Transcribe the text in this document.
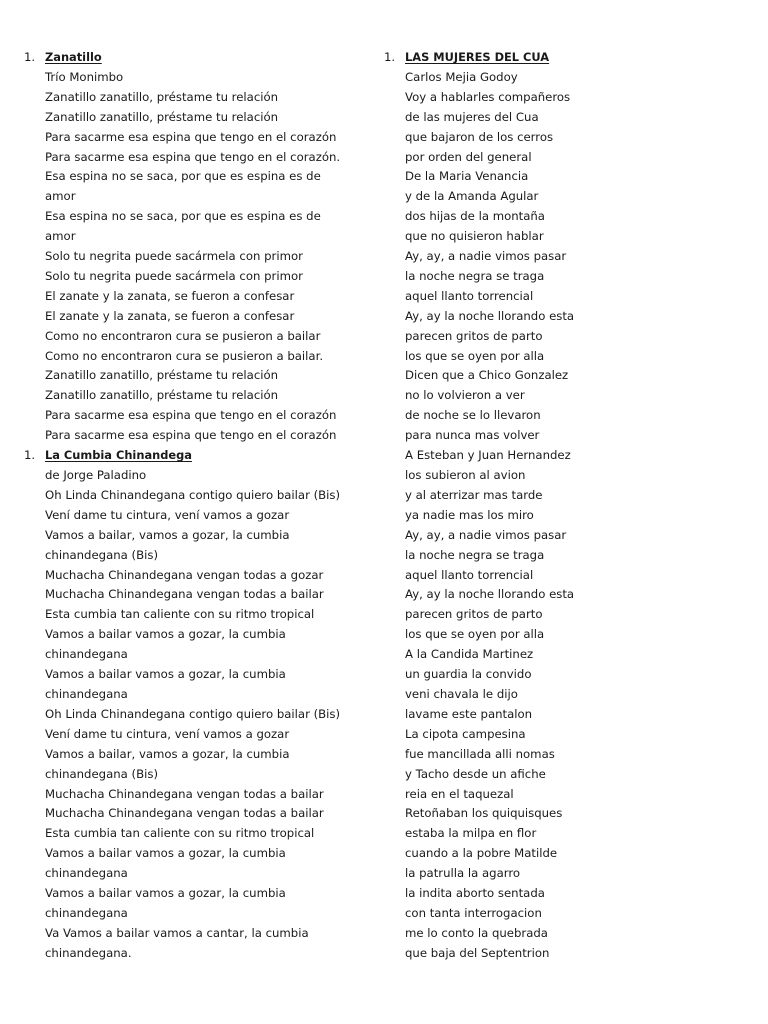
1. Zanatillo
Trío Monimbo
Zanatillo zanatillo, préstame tu relación
Zanatillo zanatillo, préstame tu relación
Para sacarme esa espina que tengo en el corazón
Para sacarme esa espina que tengo en el corazón.
Esa espina no se saca, por que es espina es de
amor
Esa espina no se saca, por que es espina es de
amor
Solo tu negrita puede sacármela con primor
Solo tu negrita puede sacármela con primor
El zanate y la zanata, se fueron a confesar
El zanate y la zanata, se fueron a confesar
Como no encontraron cura se pusieron a bailar
Como no encontraron cura se pusieron a bailar.
Zanatillo zanatillo, préstame tu relación
Zanatillo zanatillo, préstame tu relación
Para sacarme esa espina que tengo en el corazón
Para sacarme esa espina que tengo en el corazón
1. La Cumbia Chinandega
de Jorge Paladino
Oh Linda Chinandegana contigo quiero bailar (Bis)
Vení dame tu cintura, vení vamos a gozar
Vamos a bailar, vamos a gozar, la cumbia
chinandegana (Bis)
Muchacha Chinandegana vengan todas a gozar
Muchacha Chinandegana vengan todas a bailar
Esta cumbia tan caliente con su ritmo tropical
Vamos a bailar vamos a gozar, la cumbia
chinandegana
Vamos a bailar vamos a gozar, la cumbia
chinandegana
Oh Linda Chinandegana contigo quiero bailar (Bis)
Vení dame tu cintura, vení vamos a gozar
Vamos a bailar, vamos a gozar, la cumbia
chinandegana (Bis)
Muchacha Chinandegana vengan todas a bailar
Muchacha Chinandegana vengan todas a bailar
Esta cumbia tan caliente con su ritmo tropical
Vamos a bailar vamos a gozar, la cumbia
chinandegana
Vamos a bailar vamos a gozar, la cumbia
chinandegana
Va Vamos a bailar vamos a cantar, la cumbia
chinandegana.
1. LAS MUJERES DEL CUA
Carlos Mejia Godoy
Voy a hablarles compañeros
de las mujeres del Cua
que bajaron de los cerros
por orden del general
De la Maria Venancia
y de la Amanda Agular
dos hijas de la montaña
que no quisieron hablar
Ay, ay, a nadie vimos pasar
la noche negra se traga
aquel llanto torrencial
Ay, ay la noche llorando esta
parecen gritos de parto
los que se oyen por alla
Dicen que a Chico Gonzalez
no lo volvieron a ver
de noche se lo llevaron
para nunca mas volver
A Esteban y Juan Hernandez
los subieron al avion
y al aterrizar mas tarde
ya nadie mas los miro
Ay, ay, a nadie vimos pasar
la noche negra se traga
aquel llanto torrencial
Ay, ay la noche llorando esta
parecen gritos de parto
los que se oyen por alla
A la Candida Martinez
un guardia la convido
veni chavala le dijo
lavame este pantalon
La cipota campesina
fue mancillada alli nomas
y Tacho desde un afiche
reia en el taquezal
Retoñaban los quiquisques
estaba la milpa en flor
cuando a la pobre Matilde
la patrulla la agarro
la indita aborto sentada
con tanta interrogacion
me lo conto la quebrada
que baja del Septentrion
